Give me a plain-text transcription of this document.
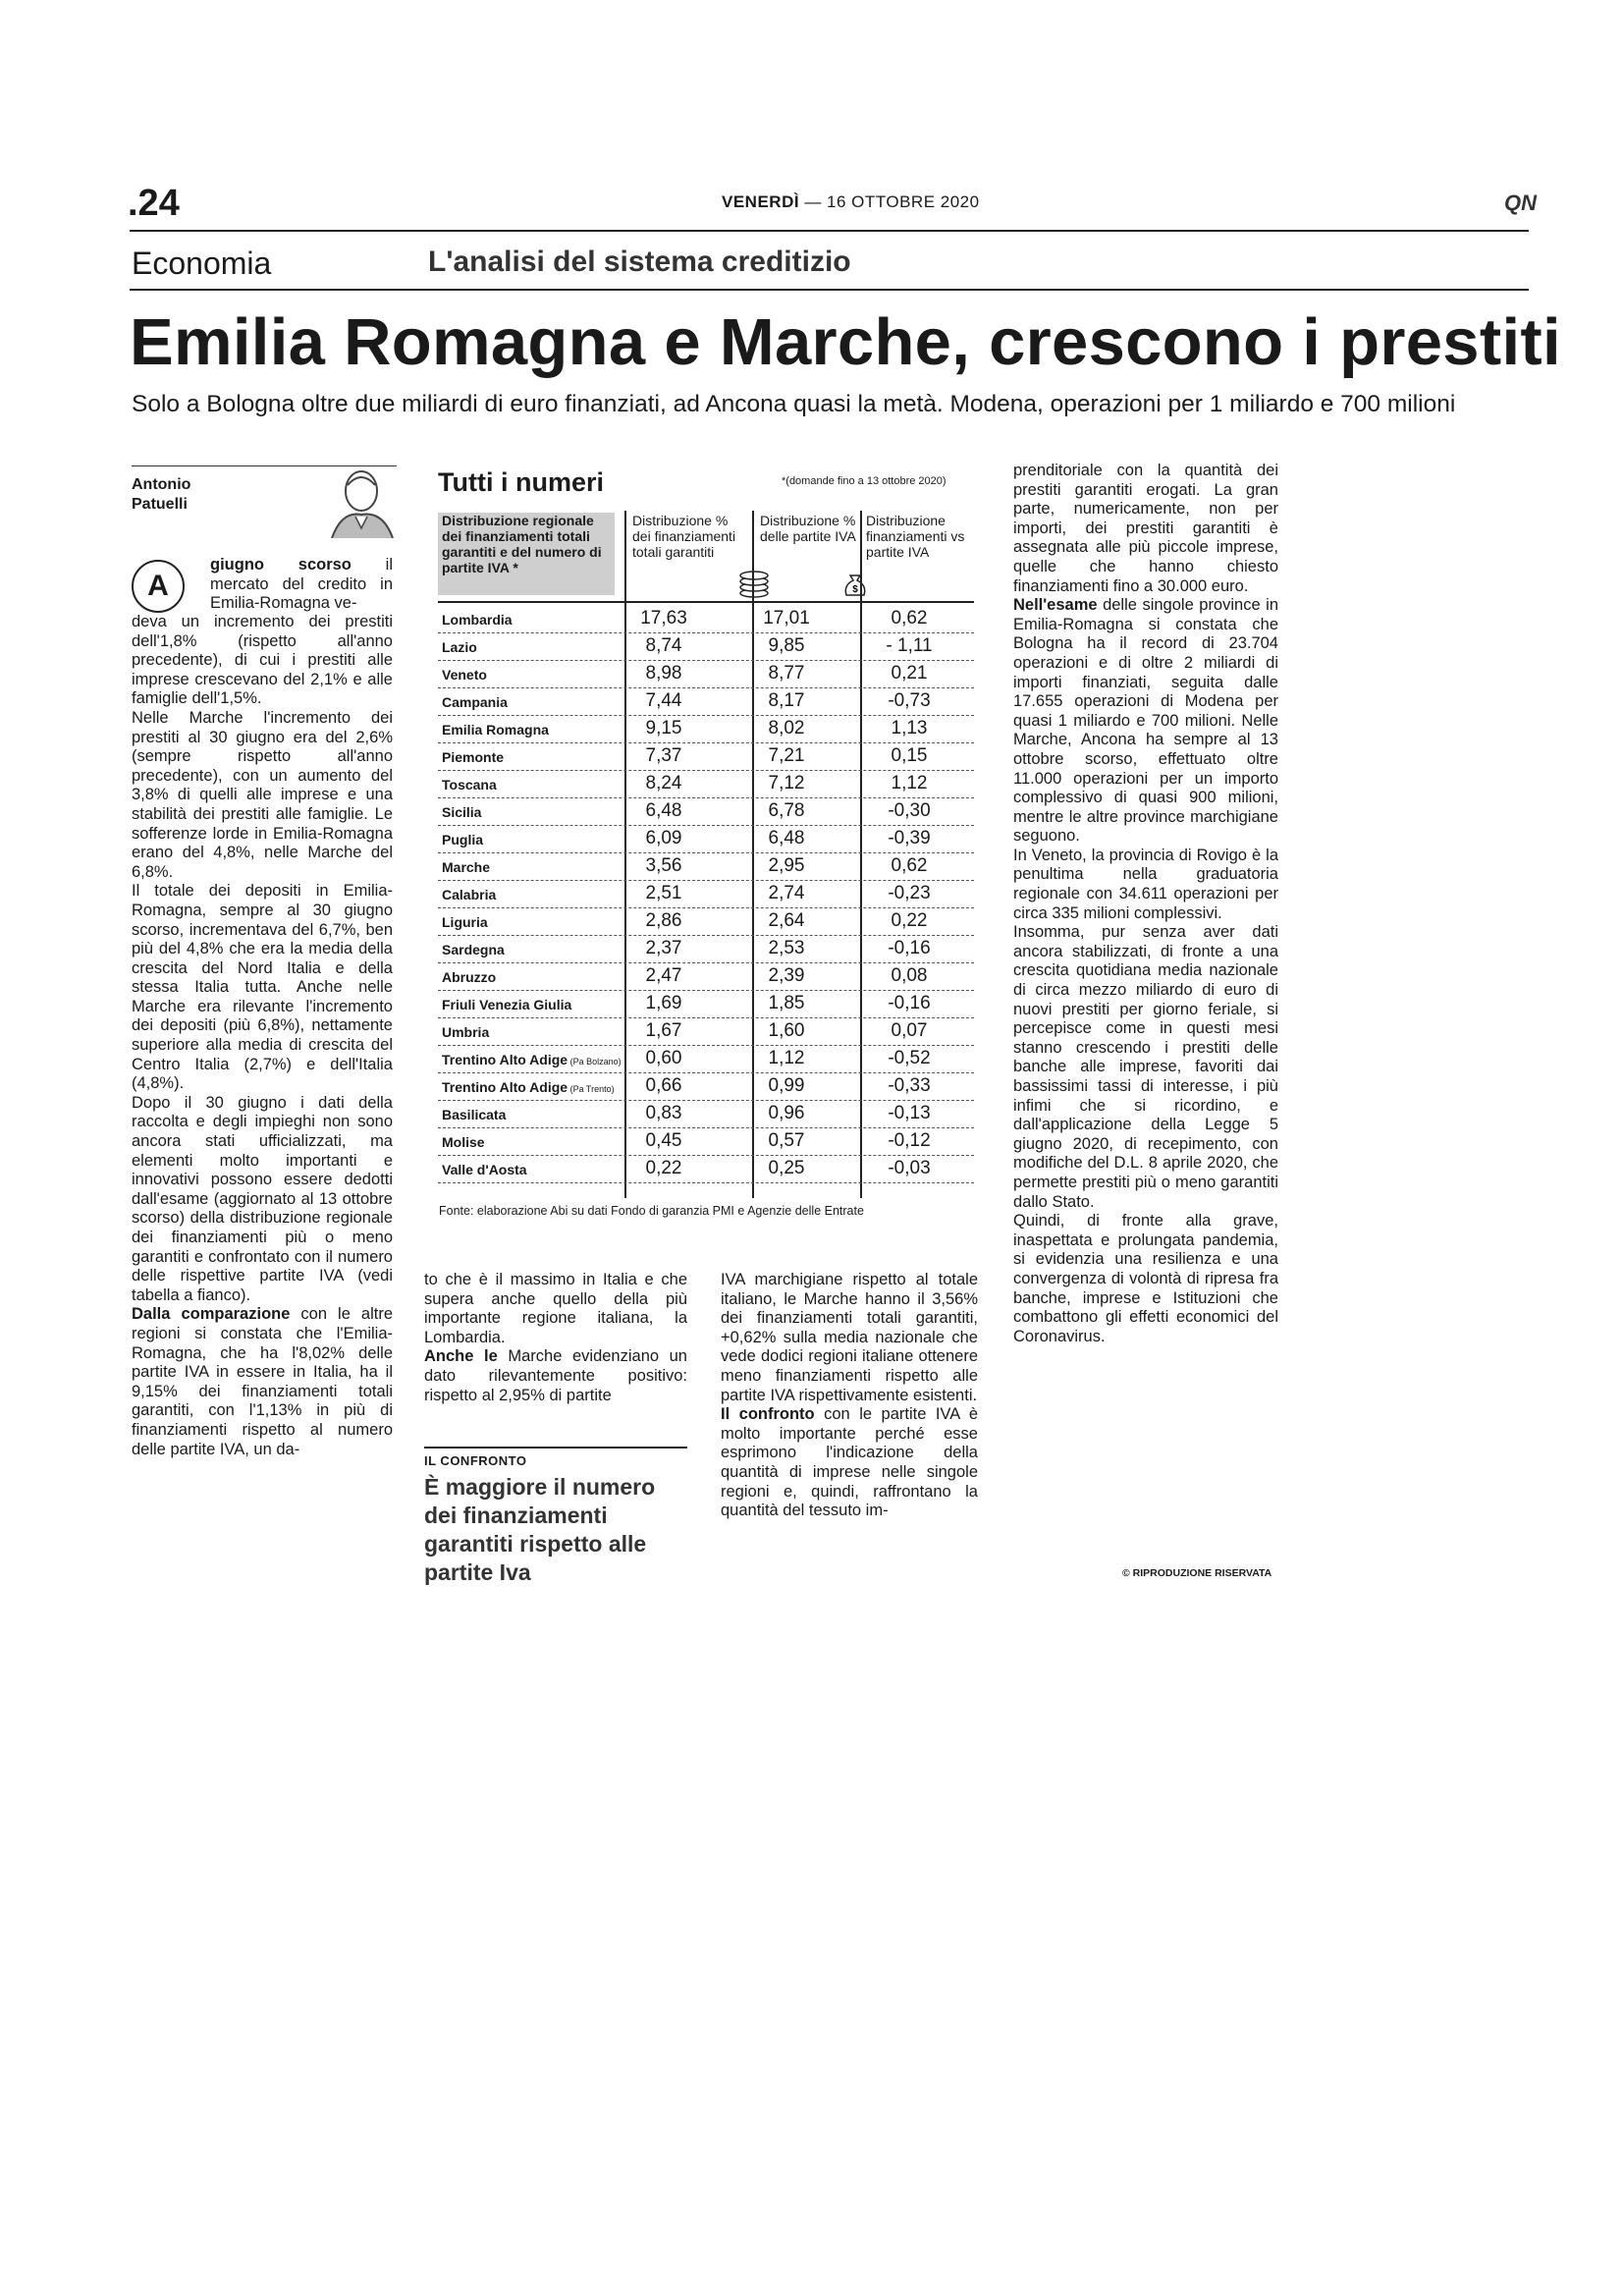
.24	VENERDÌ — 16 OTTOBRE 2020	QN
Economia	L'analisi del sistema creditizio
Emilia Romagna e Marche, crescono i prestiti
Solo a Bologna oltre due miliardi di euro finanziati, ad Ancona quasi la metà. Modena, operazioni per 1 miliardo e 700 milioni
Antonio
Patuelli
A

giugno scorso il mercato del credito in Emilia-Romagna ve-

deva un incremento dei prestiti dell'1,8% (rispetto all'anno precedente), di cui i prestiti alle imprese crescevano del 2,1% e alle famiglie dell'1,5%.

Nelle Marche l'incremento dei prestiti al 30 giugno era del 2,6% (sempre rispetto all'anno precedente), con un aumento del 3,8% di quelli alle imprese e una stabilità dei prestiti alle famiglie. Le sofferenze lorde in Emilia-Romagna erano del 4,8%, nelle Marche del 6,8%.

Il totale dei depositi in Emilia-Romagna, sempre al 30 giugno scorso, incrementava del 6,7%, ben più del 4,8% che era la media della crescita del Nord Italia e della stessa Italia tutta. Anche nelle Marche era rilevante l'incremento dei depositi (più 6,8%), nettamente superiore alla media di crescita del Centro Italia (2,7%) e dell'Italia (4,8%).

Dopo il 30 giugno i dati della raccolta e degli impieghi non sono ancora stati ufficializzati, ma elementi molto importanti e innovativi possono essere dedotti dall'esame (aggiornato al 13 ottobre scorso) della distribuzione regionale dei finanziamenti più o meno garantiti e confrontato con il numero delle rispettive partite IVA (vedi tabella a fianco).

Dalla comparazione con le altre regioni si constata che l'Emilia-Romagna, che ha l'8,02% delle partite IVA in essere in Italia, ha il 9,15% dei finanziamenti totali garantiti, con l'1,13% in più di finanziamenti rispetto al numero delle partite IVA, un da-

Tutti i numeri	*(domande fino a 13 ottobre 2020)
Distribuzione regionale dei finanziamenti totali garantiti e del numero di partite IVA *
Distribuzione % dei finanziamenti totali garantiti
Distribuzione % delle partite IVA
Distribuzione finanziamenti vs partite IVA
$
Lombardia	17,63	17,01	0,62
Lazio	8,74	9,85	- 1,11
Veneto	8,98	8,77	0,21
Campania	7,44	8,17	-0,73
Emilia Romagna	9,15	8,02	1,13
Piemonte	7,37	7,21	0,15
Toscana	8,24	7,12	1,12
Sicilia	6,48	6,78	-0,30
Puglia	6,09	6,48	-0,39
Marche	3,56	2,95	0,62
Calabria	2,51	2,74	-0,23
Liguria	2,86	2,64	0,22
Sardegna	2,37	2,53	-0,16
Abruzzo	2,47	2,39	0,08
Friuli Venezia Giulia	1,69	1,85	-0,16
Umbria	1,67	1,60	0,07
Trentino Alto Adige (Pa Bolzano)	0,60	1,12	-0,52
Trentino Alto Adige (Pa Trento)	0,66	0,99	-0,33
Basilicata	0,83	0,96	-0,13
Molise	0,45	0,57	-0,12
Valle d'Aosta	0,22	0,25	-0,03
Fonte: elaborazione Abi su dati Fondo di garanzia PMI e Agenzie delle Entrate

to che è il massimo in Italia e che supera anche quello della più importante regione italiana, la Lombardia.

Anche le Marche evidenziano un dato rilevantemente positivo: rispetto al 2,95% di partite

IL CONFRONTO
È maggiore il numero dei finanziamenti garantiti rispetto alle partite Iva

IVA marchigiane rispetto al totale italiano, le Marche hanno il 3,56% dei finanziamenti totali garantiti, +0,62% sulla media nazionale che vede dodici regioni italiane ottenere meno finanziamenti rispetto alle partite IVA rispettivamente esistenti.

Il confronto con le partite IVA è molto importante perché esse esprimono l'indicazione della quantità di imprese nelle singole regioni e, quindi, raffrontano la quantità del tessuto im-

prenditoriale con la quantità dei prestiti garantiti erogati. La gran parte, numericamente, non per importi, dei prestiti garantiti è assegnata alle più piccole imprese, quelle che hanno chiesto finanziamenti fino a 30.000 euro.

Nell'esame delle singole province in Emilia-Romagna si constata che Bologna ha il record di 23.704 operazioni e di oltre 2 miliardi di importi finanziati, seguita dalle 17.655 operazioni di Modena per quasi 1 miliardo e 700 milioni. Nelle Marche, Ancona ha sempre al 13 ottobre scorso, effettuato oltre 11.000 operazioni per un importo complessivo di quasi 900 milioni, mentre le altre province marchigiane seguono.

In Veneto, la provincia di Rovigo è la penultima nella graduatoria regionale con 34.611 operazioni per circa 335 milioni complessivi.

Insomma, pur senza aver dati ancora stabilizzati, di fronte a una crescita quotidiana media nazionale di circa mezzo miliardo di euro di nuovi prestiti per giorno feriale, si percepisce come in questi mesi stanno crescendo i prestiti delle banche alle imprese, favoriti dai bassissimi tassi di interesse, i più infimi che si ricordino, e dall'applicazione della Legge 5 giugno 2020, di recepimento, con modifiche del D.L. 8 aprile 2020, che permette prestiti più o meno garantiti dallo Stato.

Quindi, di fronte alla grave, inaspettata e prolungata pandemia, si evidenzia una resilienza e una convergenza di volontà di ripresa fra banche, imprese e Istituzioni che combattono gli effetti economici del Coronavirus.

© RIPRODUZIONE RISERVATA
